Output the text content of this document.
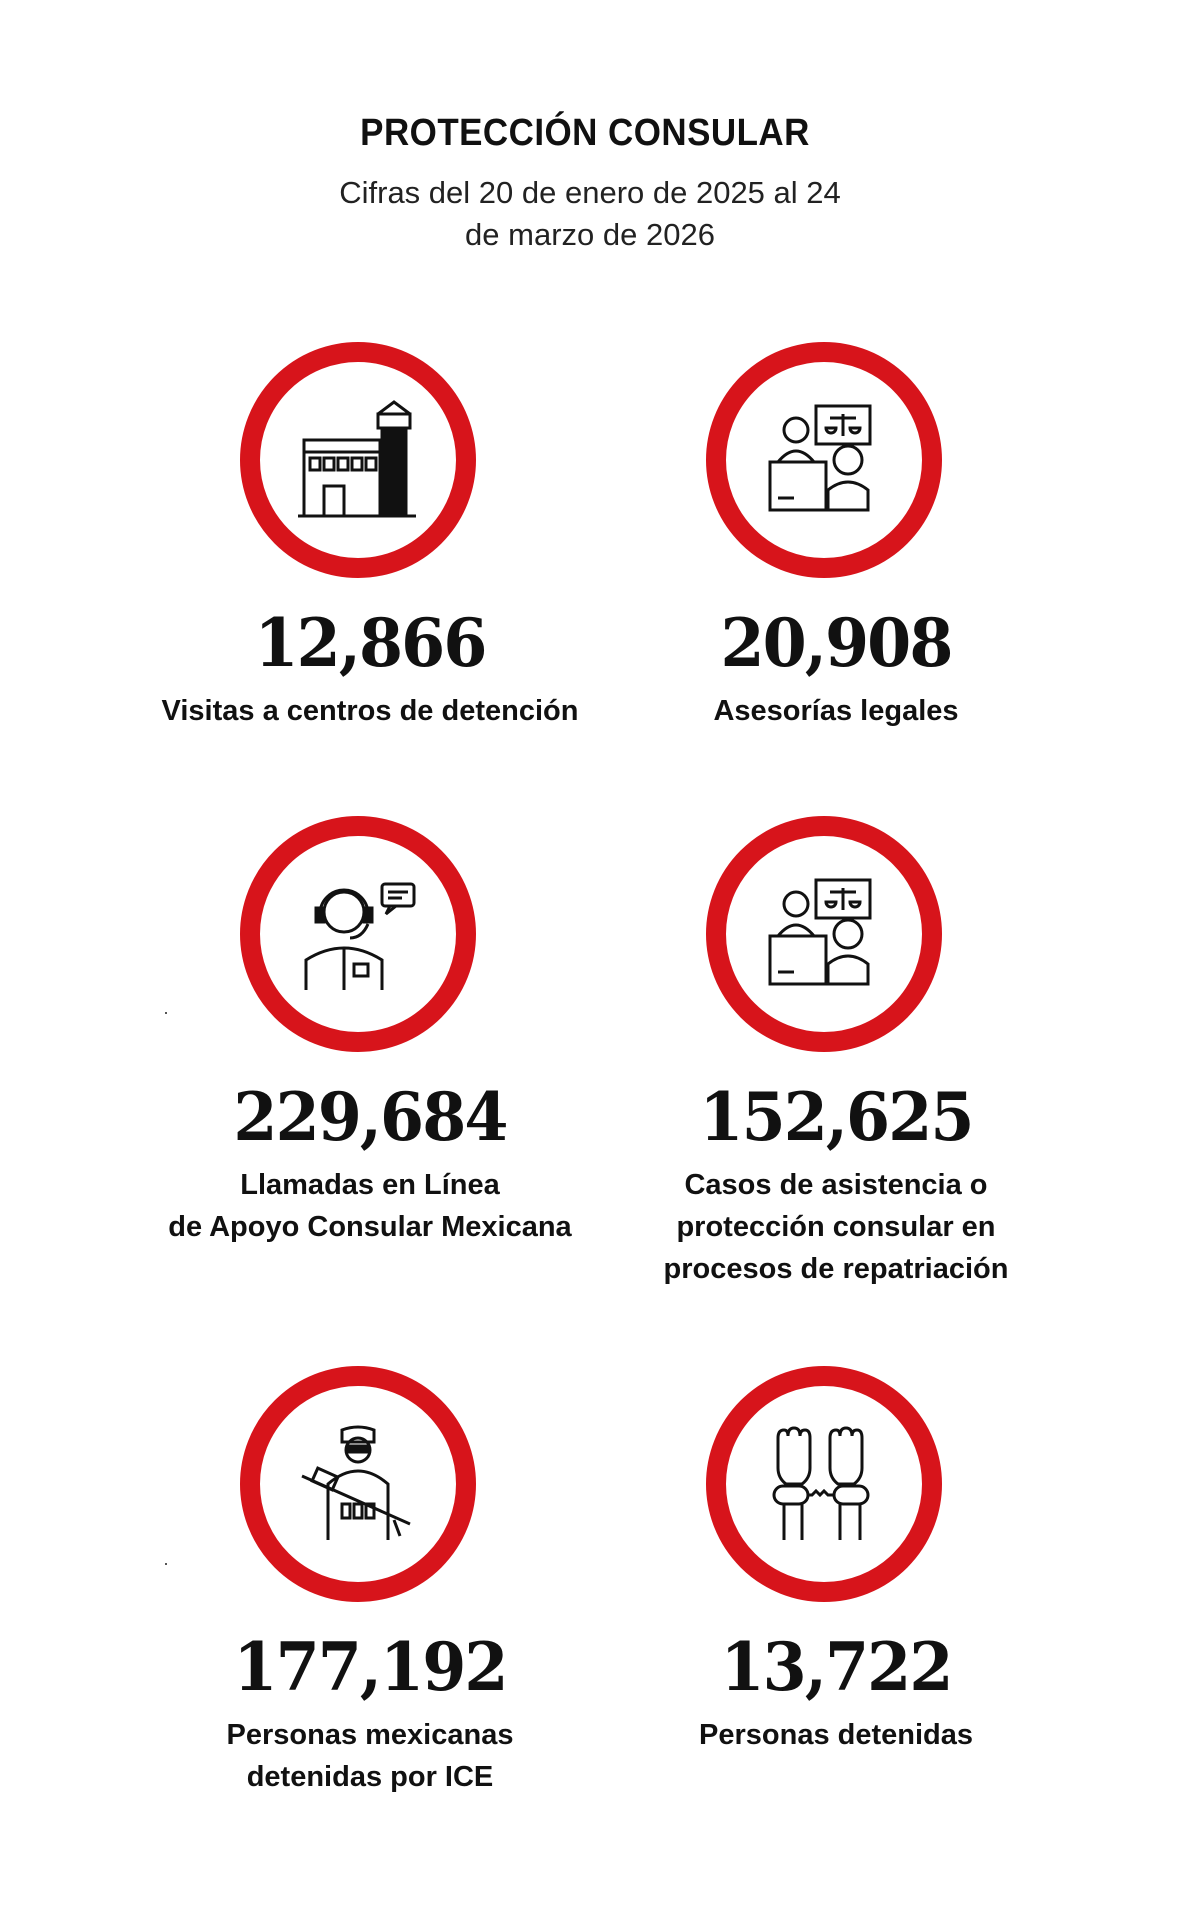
PROTECCIÓN CONSULAR
Cifras del 20 de enero de 2025 al 24
de marzo de 2026
12,866
Visitas a centros de detención
20,908
Asesorías legales
229,684
Llamadas en Línea
de Apoyo Consular Mexicana
152,625
Casos de asistencia o
protección consular en
procesos de repatriación
177,192
Personas mexicanas
detenidas por ICE
13,722
Personas detenidas
